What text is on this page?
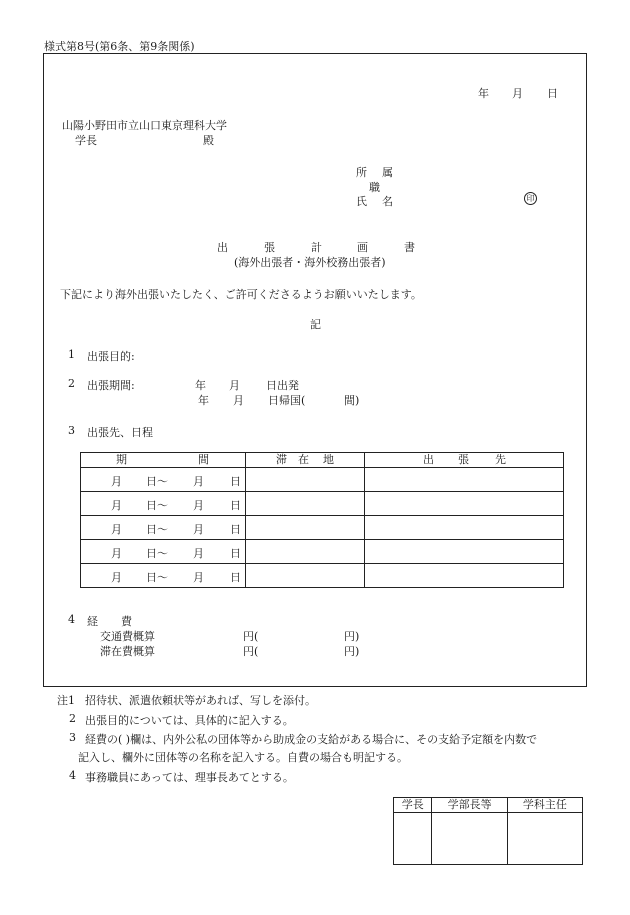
様式第8号(第6条、第9条関係)
年 月 日
山陽小野田市立山口東京理科大学
学長	殿
所 属
職
氏 名	印
出	張	計	画	書
(海外出張者・海外校務出張者)
下記により海外出張いたしたく、ご許可くださるようお願いいたします。
記
1 出張目的:
2 出張期間:	年 月 日出発
年 月 日帰国(	間)
3 出張先、日程
期 間	滞 在 地	出 張 先

月 日〜 月 日		

月 日〜 月 日		

月 日〜 月 日		

月 日〜 月 日		

月 日〜 月 日		

4 経 費
交通費概算	円(	円)
滞在費概算	円(	円)
注1 招待状、派遣依頼状等があれば、写しを添付。
2 出張目的については、具体的に記入する。
3 経費の( )欄は、内外公私の団体等から助成金の支給がある場合に、その支給予定額を内数で
記入し、欄外に団体等の名称を記入する。自費の場合も明記する。
4 事務職員にあっては、理事長あてとする。
学長	学部長等	学科主任
